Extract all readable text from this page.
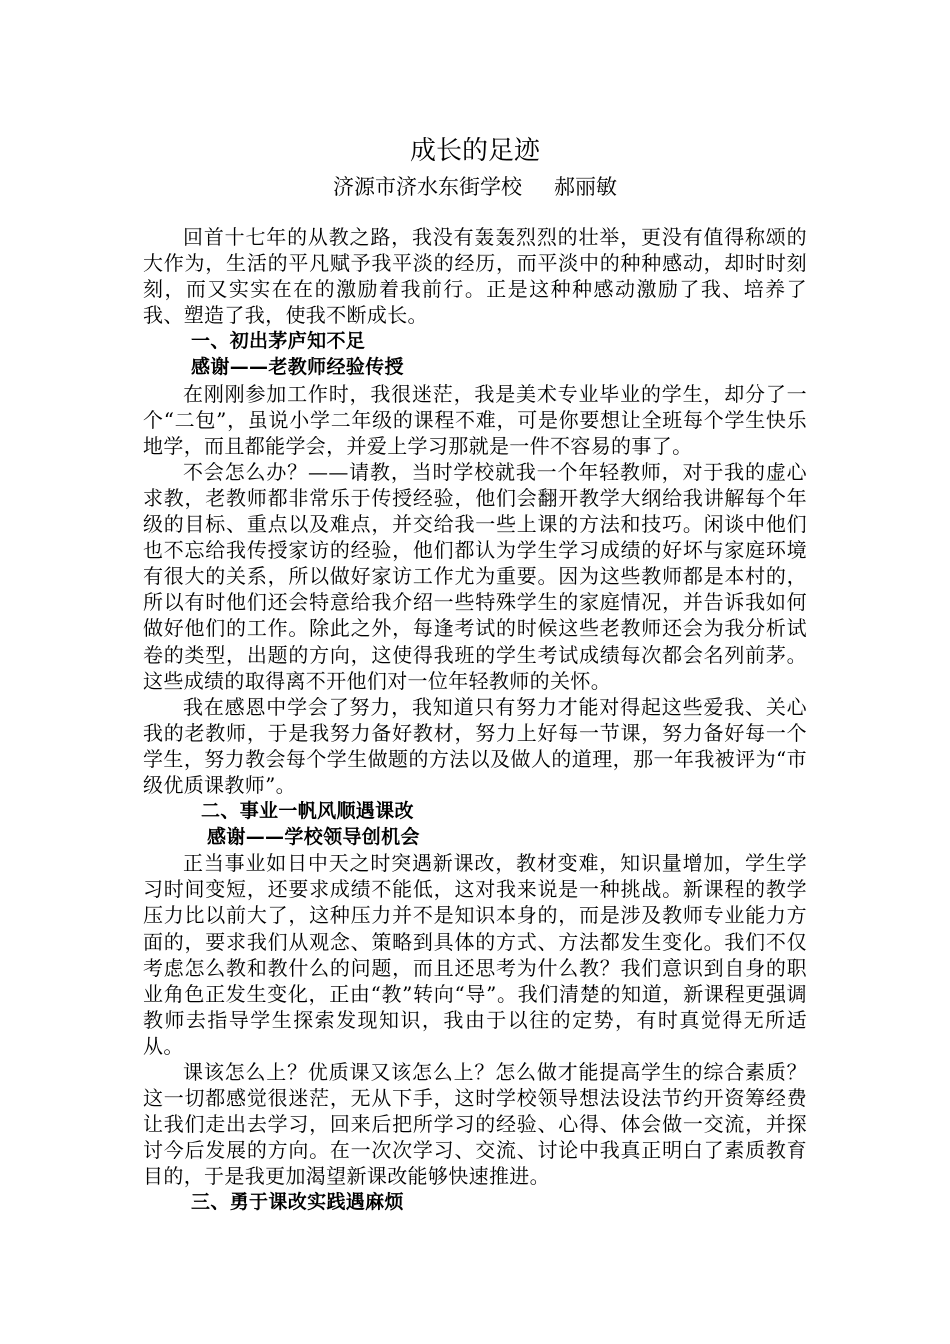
成长的足迹
济源市济水东街学校 郝丽敏

回首十七年的从教之路，我没有轰轰烈烈的壮举，更没有值得称颂的大作为，生活的平凡赋予我平淡的经历，而平淡中的种种感动，却时时刻刻，而又实实在在的激励着我前行。正是这种种感动激励了我、培养了我、塑造了我，使我不断成长。

一、初出茅庐知不足

感谢——老教师经验传授

在刚刚参加工作时，我很迷茫，我是美术专业毕业的学生，却分了一个“二包”，虽说小学二年级的课程不难，可是你要想让全班每个学生快乐地学，而且都能学会，并爱上学习那就是一件不容易的事了。

不会怎么办？——请教，当时学校就我一个年轻教师，对于我的虚心求教，老教师都非常乐于传授经验，他们会翻开教学大纲给我讲解每个年级的目标、重点以及难点，并交给我一些上课的方法和技巧。闲谈中他们也不忘给我传授家访的经验，他们都认为学生学习成绩的好坏与家庭环境有很大的关系，所以做好家访工作尤为重要。因为这些教师都是本村的，所以有时他们还会特意给我介绍一些特殊学生的家庭情况，并告诉我如何做好他们的工作。除此之外，每逢考试的时候这些老教师还会为我分析试卷的类型，出题的方向，这使得我班的学生考试成绩每次都会名列前茅。这些成绩的取得离不开他们对一位年轻教师的关怀。

我在感恩中学会了努力，我知道只有努力才能对得起这些爱我、关心我的老教师，于是我努力备好教材，努力上好每一节课，努力备好每一个学生，努力教会每个学生做题的方法以及做人的道理，那一年我被评为“市级优质课教师”。

二、事业一帆风顺遇课改

感谢——学校领导创机会

正当事业如日中天之时突遇新课改，教材变难，知识量增加，学生学习时间变短，还要求成绩不能低，这对我来说是一种挑战。新课程的教学压力比以前大了，这种压力并不是知识本身的，而是涉及教师专业能力方面的，要求我们从观念、策略到具体的方式、方法都发生变化。我们不仅考虑怎么教和教什么的问题，而且还思考为什么教？我们意识到自身的职业角色正发生变化，正由“教”转向“导”。我们清楚的知道，新课程更强调教师去指导学生探索发现知识，我由于以往的定势，有时真觉得无所适从。

课该怎么上？优质课又该怎么上？怎么做才能提高学生的综合素质？这一切都感觉很迷茫，无从下手，这时学校领导想法设法节约开资筹经费让我们走出去学习，回来后把所学习的经验、心得、体会做一交流，并探讨今后发展的方向。在一次次学习、交流、讨论中我真正明白了素质教育目的，于是我更加渴望新课改能够快速推进。

三、勇于课改实践遇麻烦
